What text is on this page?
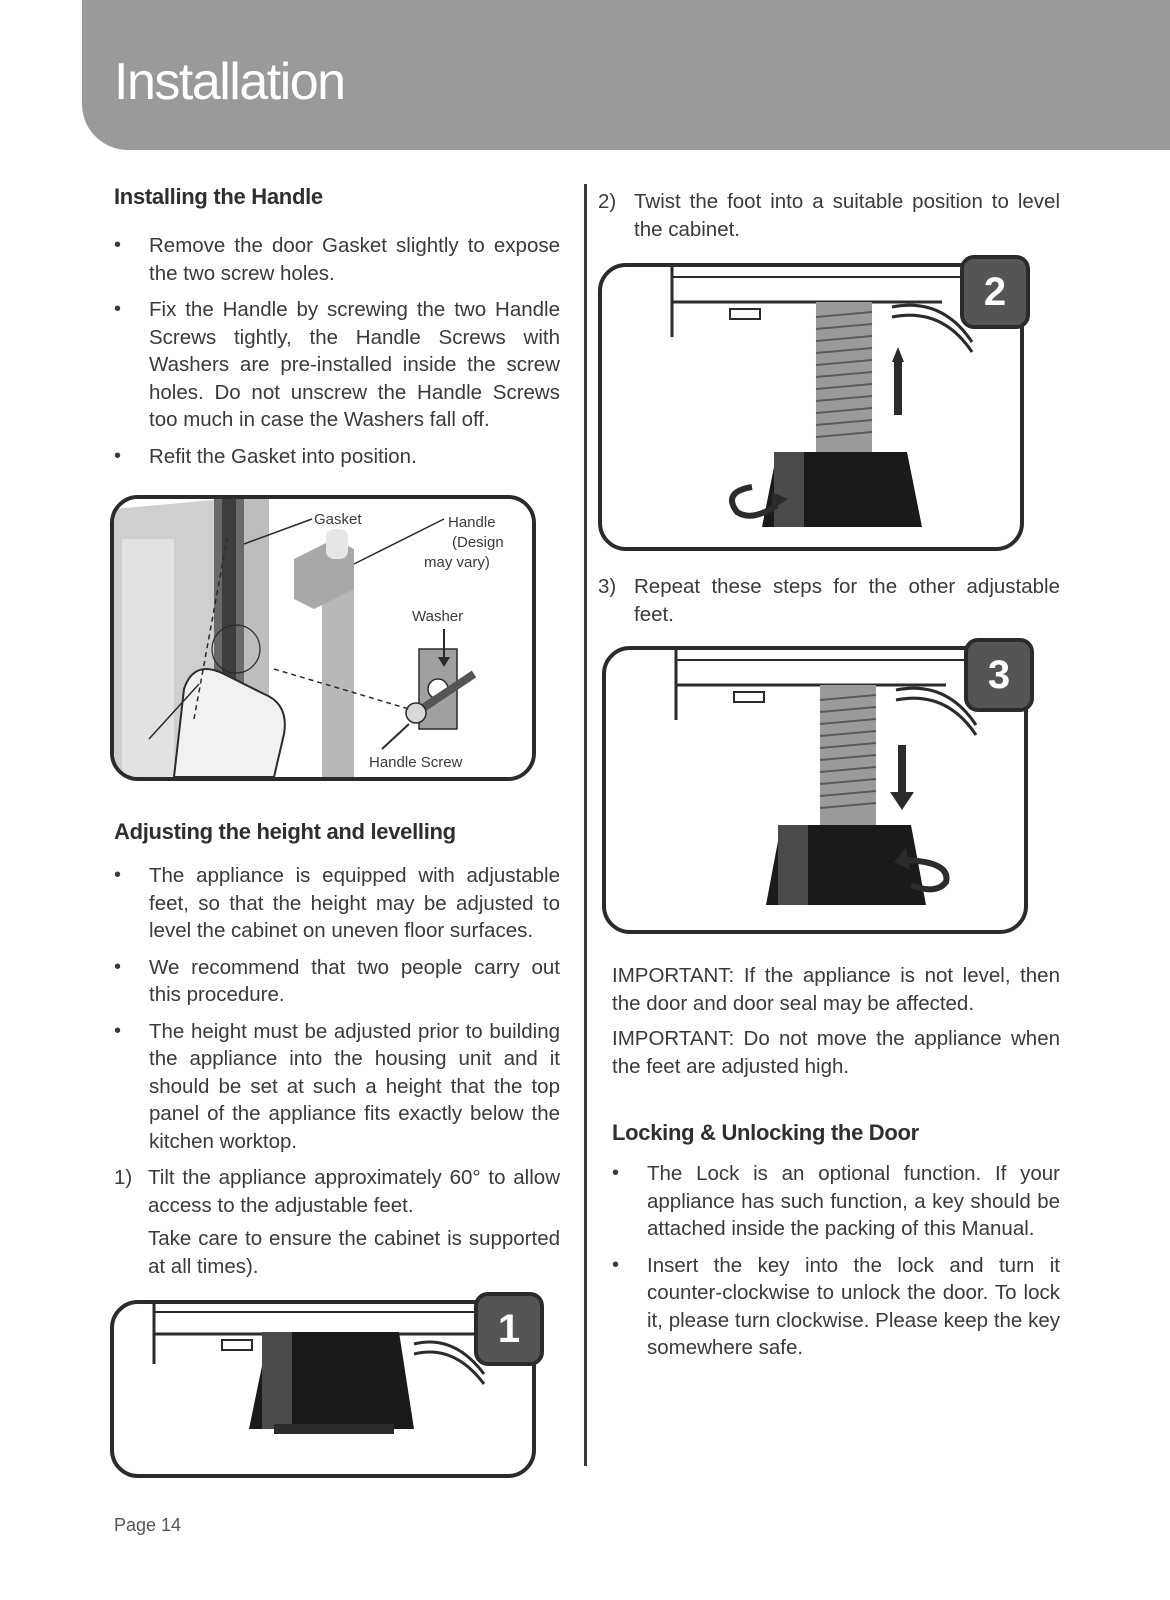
Installation
Installing the Handle
• Remove the door Gasket slightly to expose the two screw holes.
• Fix the Handle by screwing the two Handle Screws tightly, the Handle Screws with Washers are pre-installed inside the screw holes. Do not unscrew the Handle Screws too much in case the Washers fall off.
• Refit the Gasket into position.
Gasket	Handle
(Design
may vary)
Washer
Handle Screw
Adjusting the height and levelling
• The appliance is equipped with adjustable feet, so that the height may be adjusted to level the cabinet on uneven floor surfaces.
• We recommend that two people carry out this procedure.
• The height must be adjusted prior to building the appliance into the housing unit and it should be set at such a height that the top panel of the appliance fits exactly below the kitchen worktop.
1) Tilt the appliance approximately 60° to allow access to the adjustable feet.
Take care to ensure the cabinet is supported at all times).
1
2) Twist the foot into a suitable position to level the cabinet.
2
3) Repeat these steps for the other adjustable feet.
3
IMPORTANT: If the appliance is not level, then the door and door seal may be affected.
IMPORTANT: Do not move the appliance when the feet are adjusted high.
Locking & Unlocking the Door
• The Lock is an optional function. If your appliance has such function, a key should be attached inside the packing of this Manual.
• Insert the key into the lock and turn it counter-clockwise to unlock the door. To lock it, please turn clockwise. Please keep the key somewhere safe.
Page 14
